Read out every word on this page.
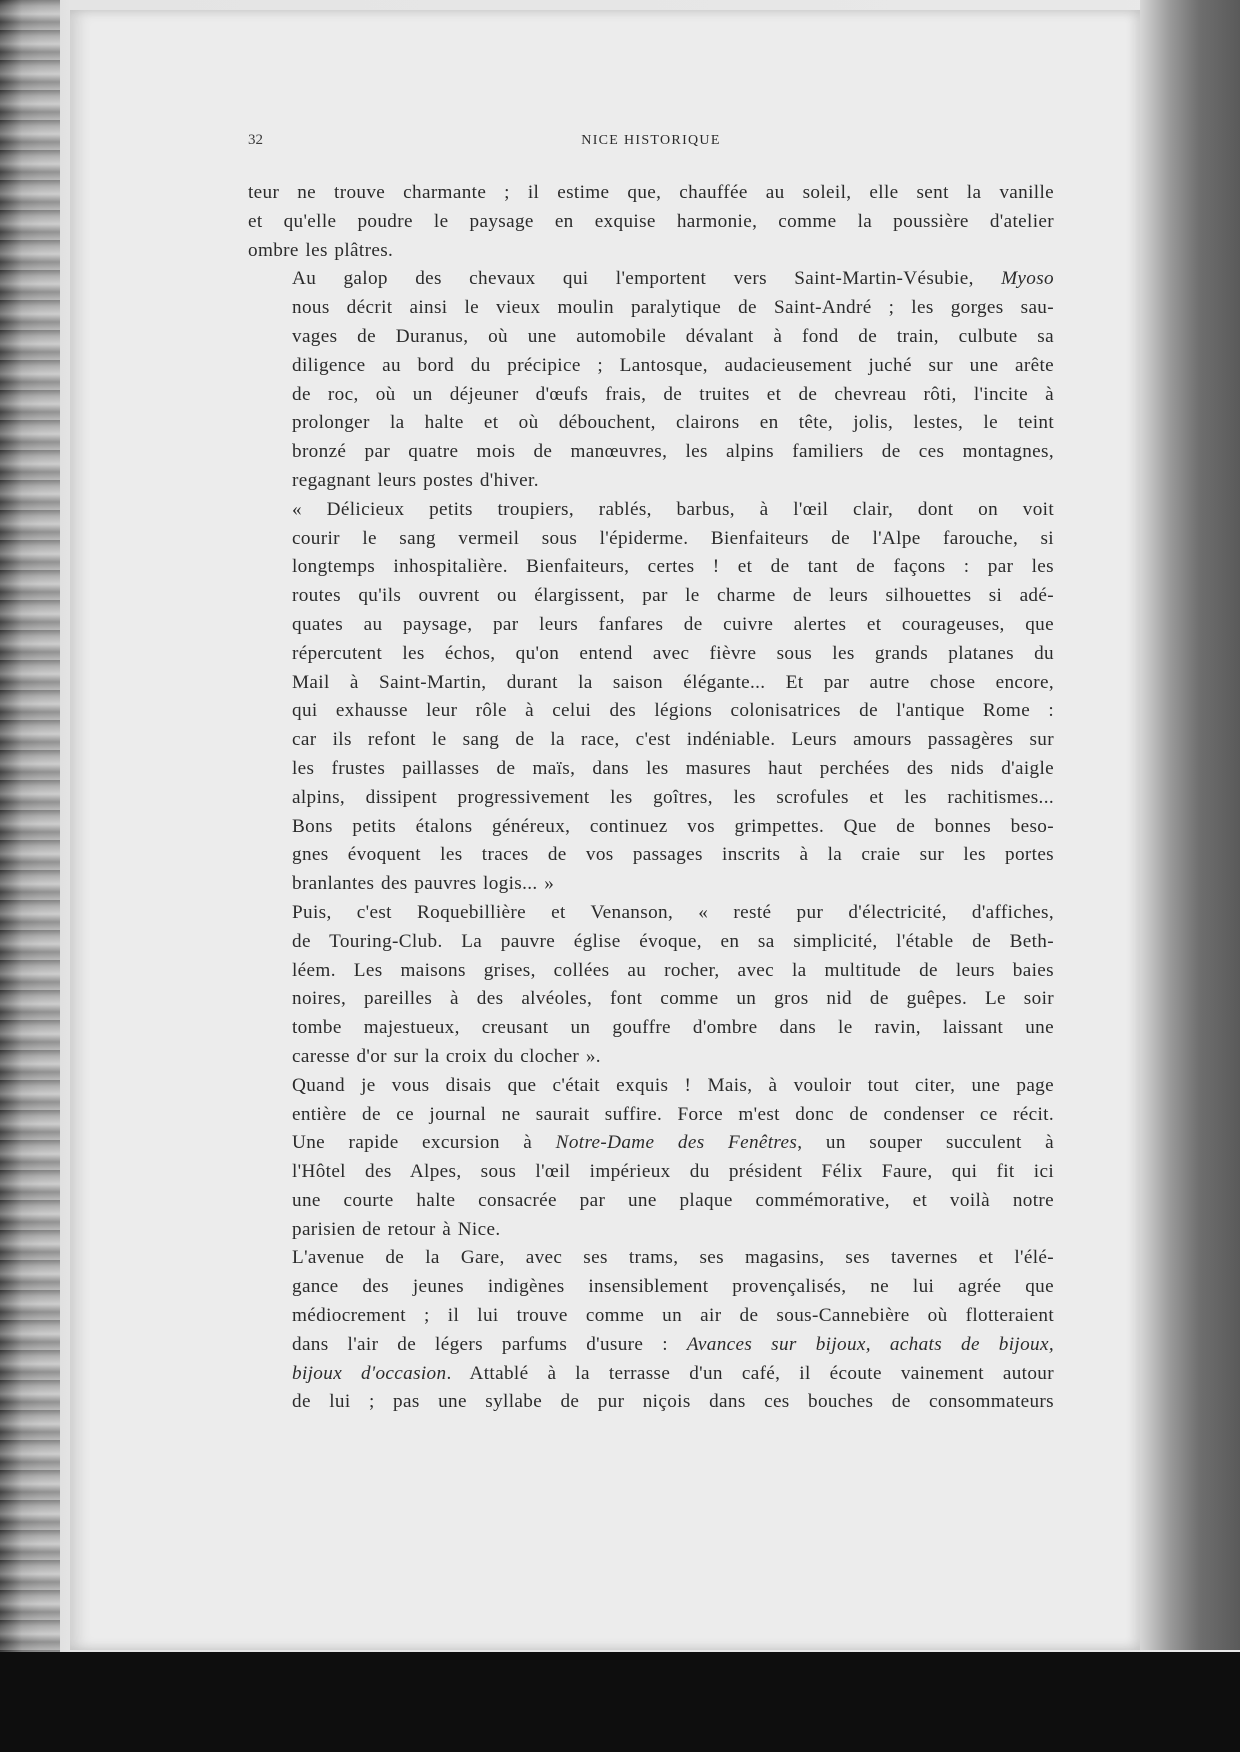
32	NICE HISTORIQUE

teur ne trouve charmante ; il estime que, chauffée au soleil, elle sent la vanille
et qu'elle poudre le paysage en exquise harmonie, comme la poussière d'atelier
ombre les plâtres.

Au galop des chevaux qui l'emportent vers Saint-Martin-Vésubie, Myoso
nous décrit ainsi le vieux moulin paralytique de Saint-André ; les gorges sau-
vages de Duranus, où une automobile dévalant à fond de train, culbute sa
diligence au bord du précipice ; Lantosque, audacieusement juché sur une arête
de roc, où un déjeuner d'œufs frais, de truites et de chevreau rôti, l'incite à
prolonger la halte et où débouchent, clairons en tête, jolis, lestes, le teint
bronzé par quatre mois de manœuvres, les alpins familiers de ces montagnes,
regagnant leurs postes d'hiver.

« Délicieux petits troupiers, rablés, barbus, à l'œil clair, dont on voit
courir le sang vermeil sous l'épiderme. Bienfaiteurs de l'Alpe farouche, si
longtemps inhospitalière. Bienfaiteurs, certes ! et de tant de façons : par les
routes qu'ils ouvrent ou élargissent, par le charme de leurs silhouettes si adé-
quates au paysage, par leurs fanfares de cuivre alertes et courageuses, que
répercutent les échos, qu'on entend avec fièvre sous les grands platanes du
Mail à Saint-Martin, durant la saison élégante... Et par autre chose encore,
qui exhausse leur rôle à celui des légions colonisatrices de l'antique Rome :
car ils refont le sang de la race, c'est indéniable. Leurs amours passagères sur
les frustes paillasses de maïs, dans les masures haut perchées des nids d'aigle
alpins, dissipent progressivement les goîtres, les scrofules et les rachitismes...
Bons petits étalons généreux, continuez vos grimpettes. Que de bonnes beso-
gnes évoquent les traces de vos passages inscrits à la craie sur les portes
branlantes des pauvres logis... »

Puis, c'est Roquebillière et Venanson, « resté pur d'électricité, d'affiches,
de Touring-Club. La pauvre église évoque, en sa simplicité, l'étable de Beth-
léem. Les maisons grises, collées au rocher, avec la multitude de leurs baies
noires, pareilles à des alvéoles, font comme un gros nid de guêpes. Le soir
tombe majestueux, creusant un gouffre d'ombre dans le ravin, laissant une
caresse d'or sur la croix du clocher ».

Quand je vous disais que c'était exquis ! Mais, à vouloir tout citer, une page
entière de ce journal ne saurait suffire. Force m'est donc de condenser ce récit.
Une rapide excursion à Notre-Dame des Fenêtres, un souper succulent à
l'Hôtel des Alpes, sous l'œil impérieux du président Félix Faure, qui fit ici
une courte halte consacrée par une plaque commémorative, et voilà notre
parisien de retour à Nice.

L'avenue de la Gare, avec ses trams, ses magasins, ses tavernes et l'élé-
gance des jeunes indigènes insensiblement provençalisés, ne lui agrée que
médiocrement ; il lui trouve comme un air de sous-Cannebière où flotteraient
dans l'air de légers parfums d'usure : Avances sur bijoux, achats de bijoux,
bijoux d'occasion. Attablé à la terrasse d'un café, il écoute vainement autour
de lui ; pas une syllabe de pur niçois dans ces bouches de consommateurs
